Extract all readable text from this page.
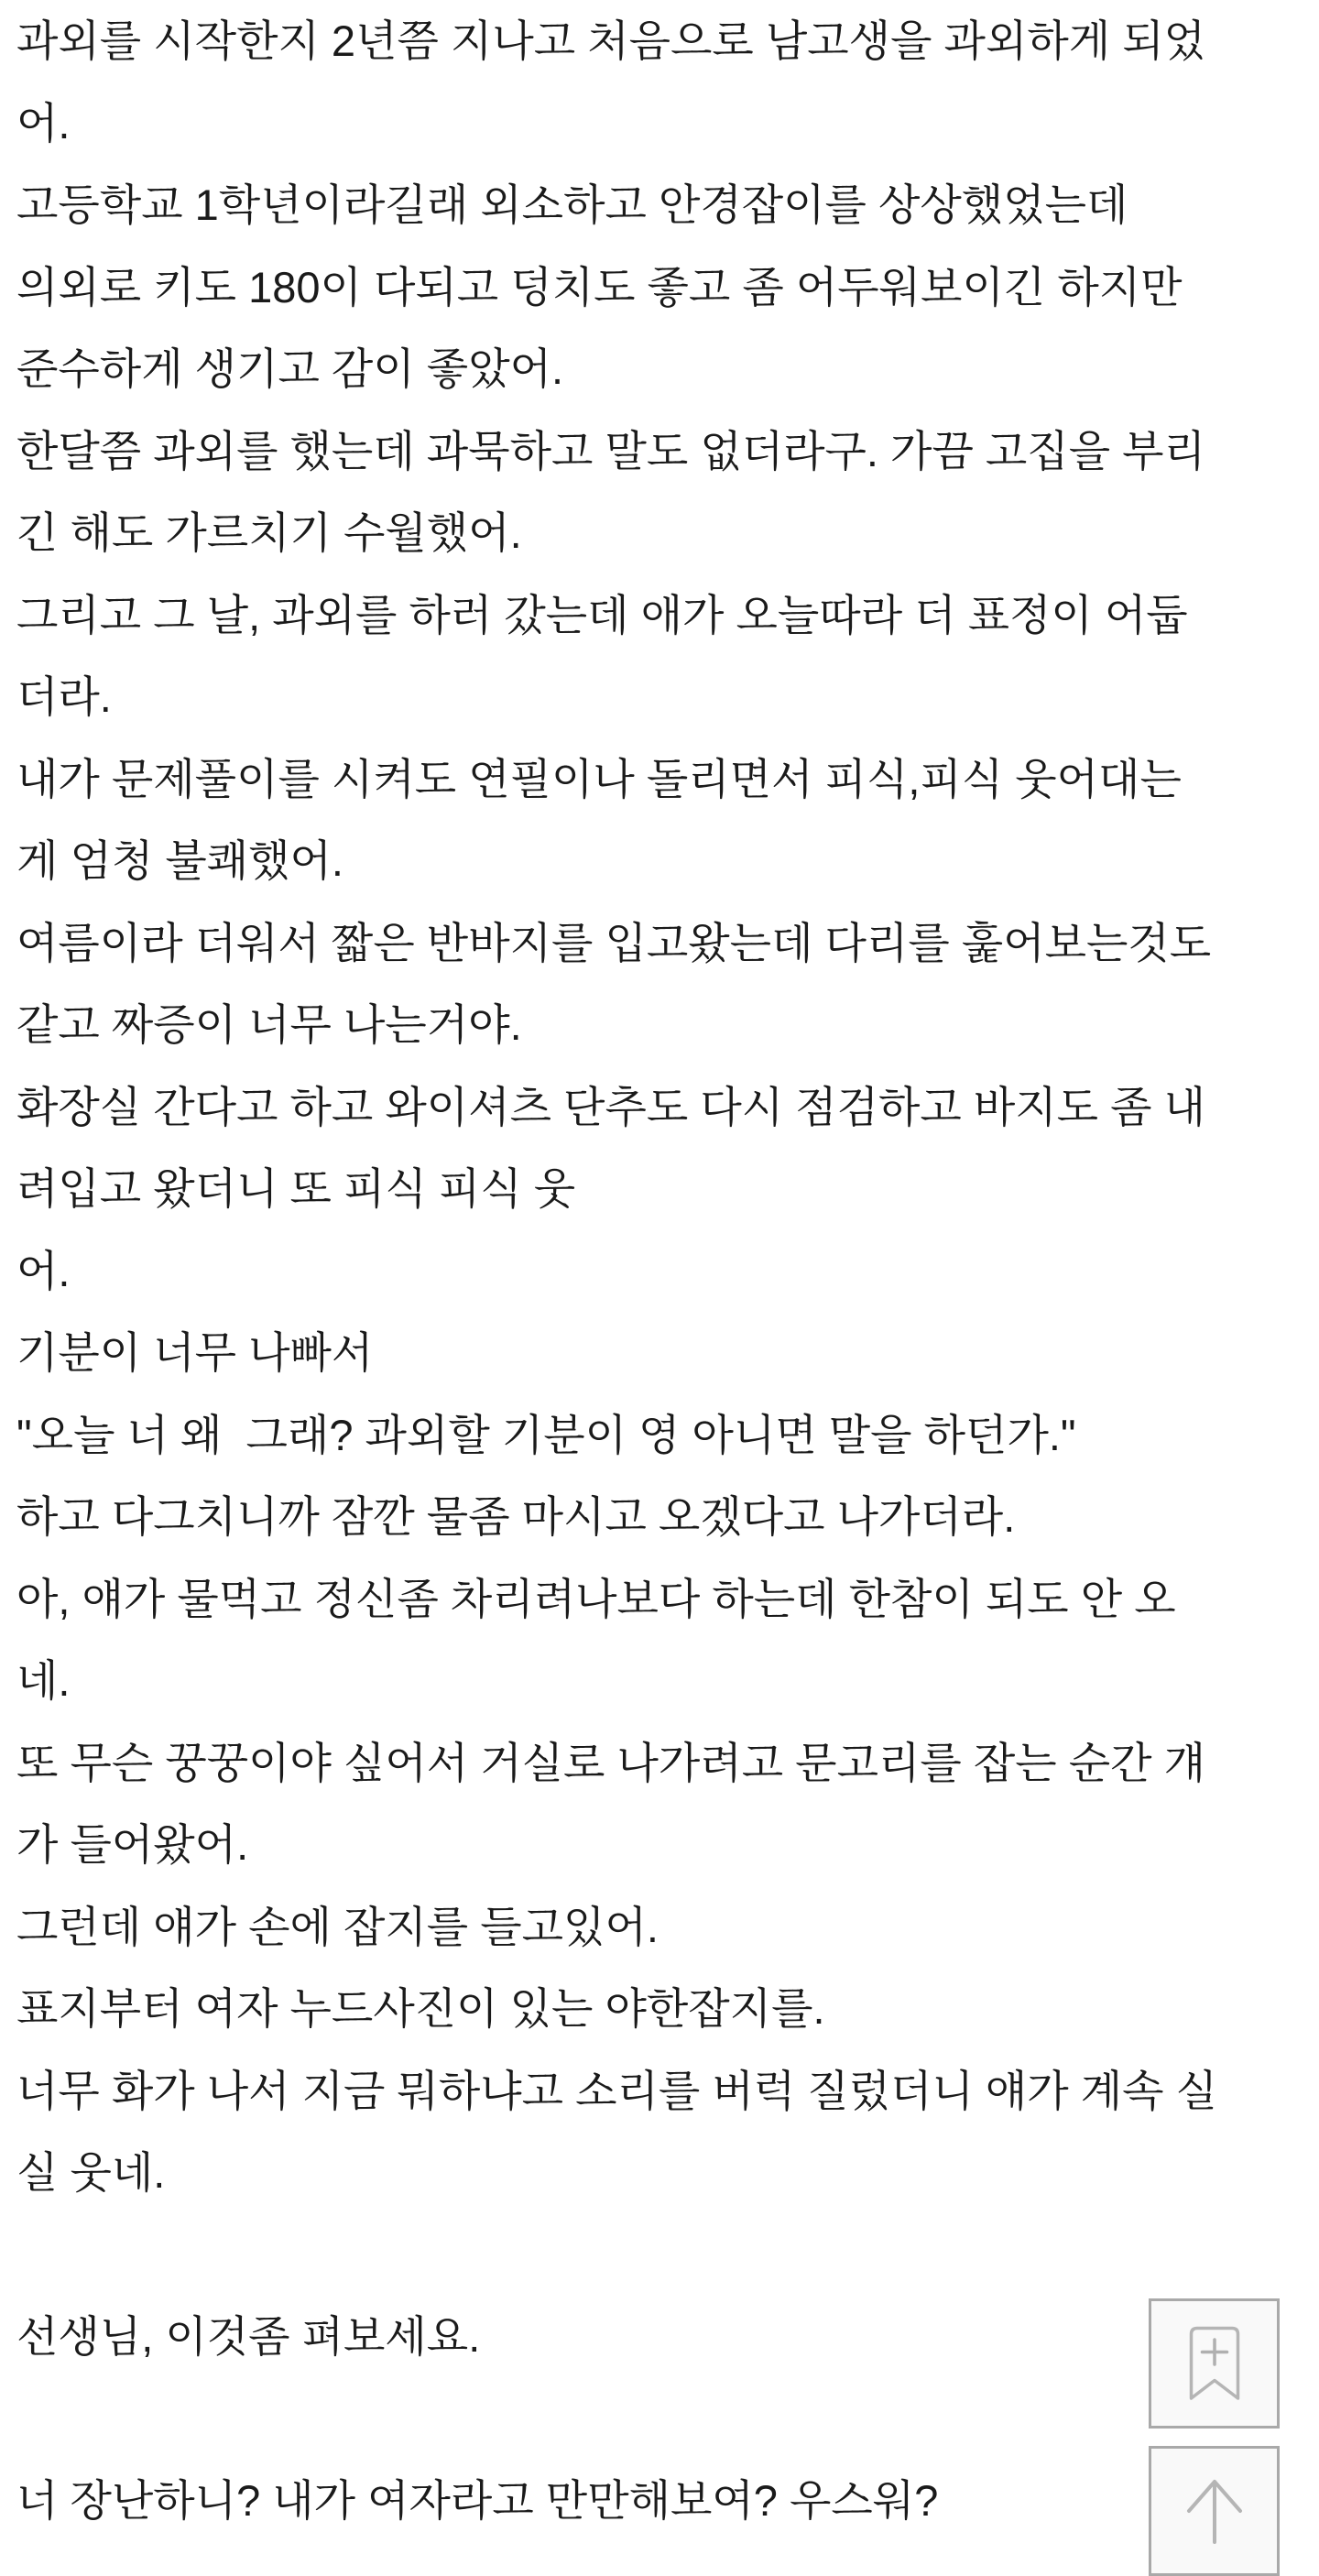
과외를 시작한지 2년쯤 지나고 처음으로 남고생을 과외하게 되었
어.
고등학교 1학년이라길래 외소하고 안경잡이를 상상했었는데
의외로 키도 180이 다되고 덩치도 좋고 좀 어두워보이긴 하지만
준수하게 생기고 감이 좋았어.
한달쯤 과외를 했는데 과묵하고 말도 없더라구. 가끔 고집을 부리
긴 해도 가르치기 수월했어.
그리고 그 날, 과외를 하러 갔는데 애가 오늘따라 더 표정이 어둡
더라.
내가 문제풀이를 시켜도 연필이나 돌리면서 피식,피식 웃어대는
게 엄청 불쾌했어.
여름이라 더워서 짧은 반바지를 입고왔는데 다리를 훑어보는것도
같고 짜증이 너무 나는거야.
화장실 간다고 하고 와이셔츠 단추도 다시 점검하고 바지도 좀 내
려입고 왔더니 또 피식 피식 웃
어.
기분이 너무 나빠서
"오늘 너 왜  그래? 과외할 기분이 영 아니면 말을 하던가."
하고 다그치니까 잠깐 물좀 마시고 오겠다고 나가더라.
아, 얘가 물먹고 정신좀 차리려나보다 하는데 한참이 되도 안 오
네.
또 무슨 꿍꿍이야 싶어서 거실로 나가려고 문고리를 잡는 순간 걔
가 들어왔어.
그런데 얘가 손에 잡지를 들고있어.
표지부터 여자 누드사진이 있는 야한잡지를.
너무 화가 나서 지금 뭐하냐고 소리를 버럭 질렀더니 얘가 계속 실
실 웃네.
선생님, 이것좀 펴보세요.
너 장난하니? 내가 여자라고 만만해보여? 우스워?
